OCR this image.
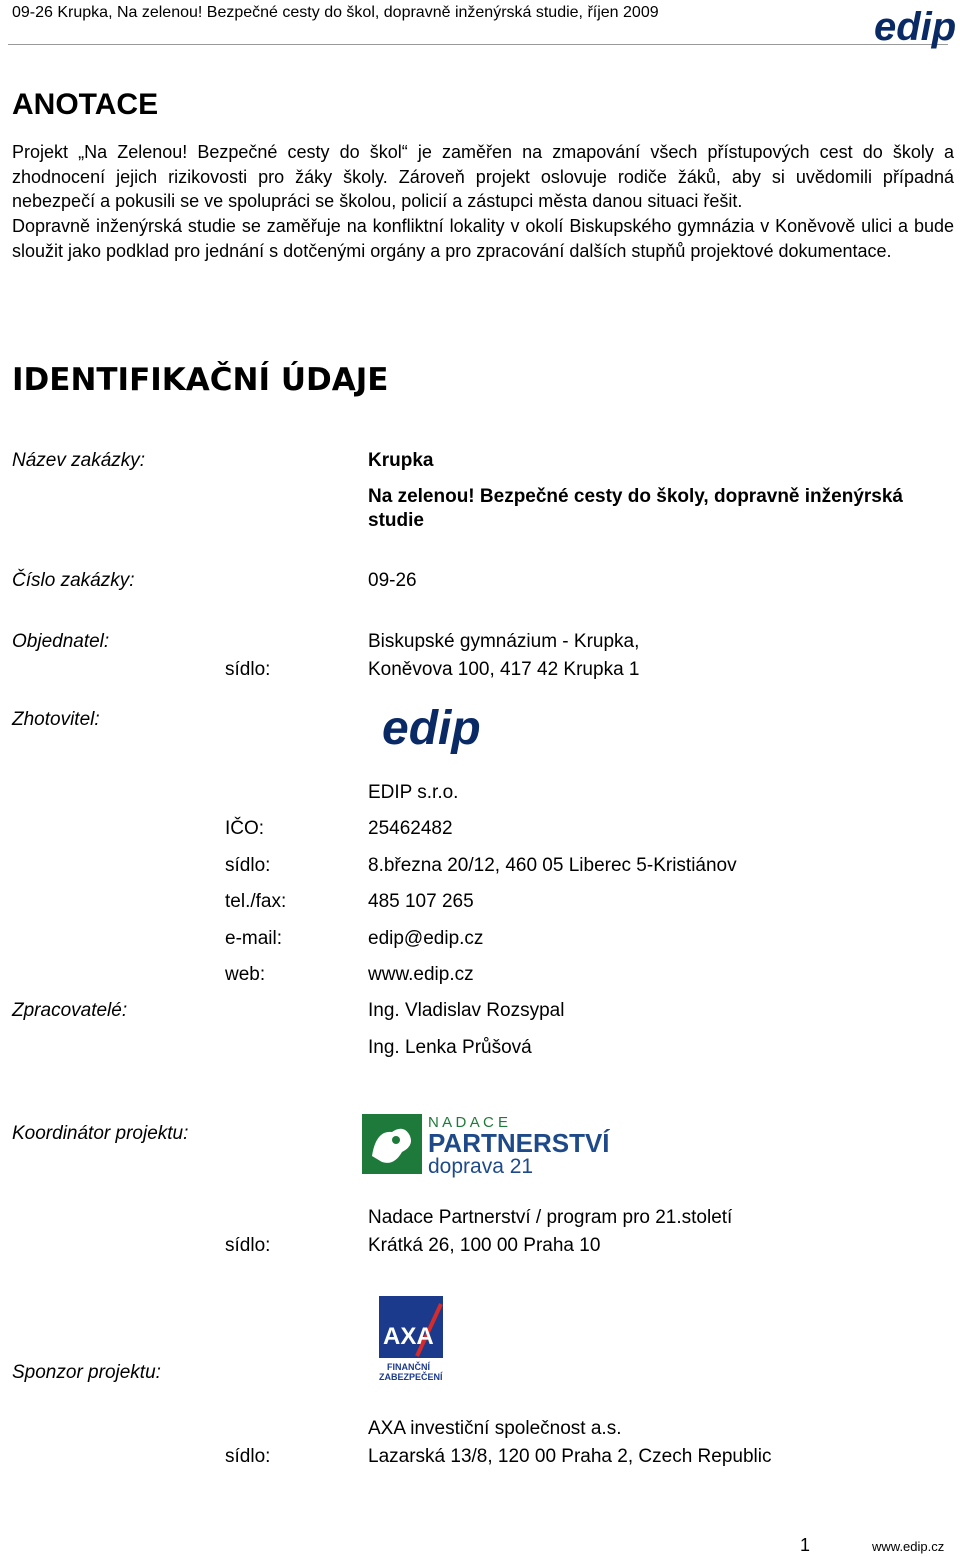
09-26 Krupka, Na zelenou! Bezpečné cesty do škol, dopravně inženýrská studie, říjen 2009	edip
ANOTACE

Projekt „Na Zelenou! Bezpečné cesty do škol“ je zaměřen na zmapování všech přístupových cest do školy a zhodnocení jejich rizikovosti pro žáky školy. Zároveň projekt oslovuje rodiče žáků, aby si uvědomili případná nebezpečí a pokusili se ve spolupráci se školou, policií a zástupci města danou situaci řešit.

Dopravně inženýrská studie se zaměřuje na konfliktní lokality v okolí Biskupského gymnázia v Koněvově ulici a bude sloužit jako podklad pro jednání s dotčenými orgány a pro zpracování dalších stupňů projektové dokumentace.

IDENTIFIKAČNÍ ÚDAJE
Název zakázky:	Krupka
Na zelenou! Bezpečné cesty do školy, dopravně inženýrská
studie
Číslo zakázky:	09-26
Objednatel:	Biskupské gymnázium - Krupka,
sídlo:	Koněvova 100, 417 42 Krupka 1
Zhotovitel:	edip
EDIP s.r.o.
IČO:	25462482
sídlo:	8.března 20/12, 460 05 Liberec 5-Kristiánov
tel./fax:	485 107 265
e-mail:	edip@edip.cz
web:	www.edip.cz
Zpracovatelé:	Ing. Vladislav Rozsypal
Ing. Lenka Průšová
Koordinátor projektu:
N A D A C E
PARTNERSTVÍ
doprava 21
Nadace Partnerství / program pro 21.století
sídlo:	Krátká 26, 100 00 Praha 10
Sponzor projektu:
AXA
FINANČNÍ
ZABEZPEČENÍ
AXA investiční společnost a.s.
sídlo:	Lazarská 13/8, 120 00 Praha 2, Czech Republic
1	www.edip.cz
